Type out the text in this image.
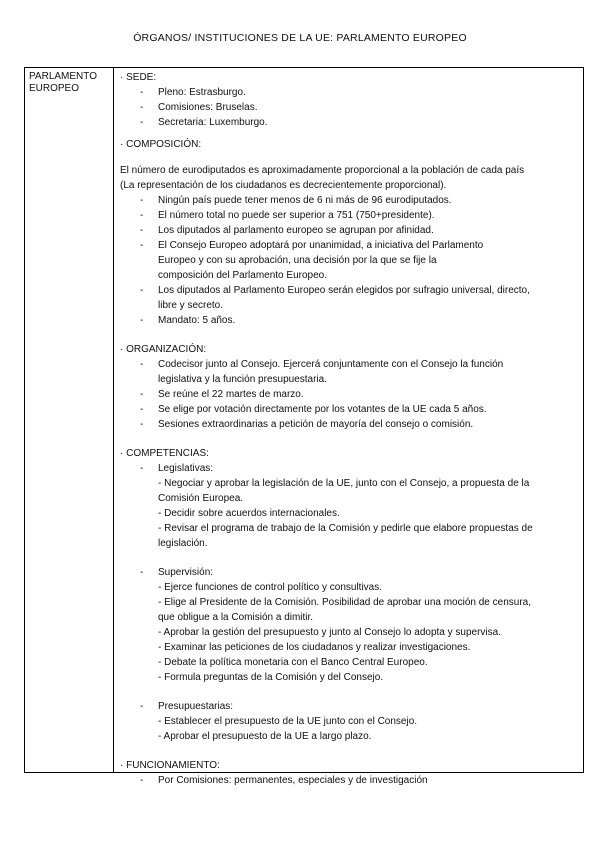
ÓRGANOS/ INSTITUCIONES DE LA UE: PARLAMENTO EUROPEO
PARLAMENTO
EUROPEO
· SEDE:
- Pleno: Estrasburgo.
- Comisiones: Bruselas.
- Secretaria: Luxemburgo.
· COMPOSICIÓN:
El número de eurodiputados es aproximadamente proporcional a la población de cada país
(La representación de los ciudadanos es decrecientemente proporcional).
- Ningún país puede tener menos de 6 ni más de 96 eurodiputados.
- El número total no puede ser superior a 751 (750+presidente).
- Los diputados al parlamento europeo se agrupan por afinidad.
- El Consejo Europeo adoptará por unanimidad, a iniciativa del Parlamento
Europeo y con su aprobación, una decisión por la que se fije la
composición del Parlamento Europeo.
- Los diputados al Parlamento Europeo serán elegidos por sufragio universal, directo,
libre y secreto.
- Mandato: 5 años.
· ORGANIZACIÓN:
- Codecisor junto al Consejo. Ejercerá conjuntamente con el Consejo la función
legislativa y la función presupuestaria.
- Se reúne el 22 martes de marzo.
- Se elige por votación directamente por los votantes de la UE cada 5 años.
- Sesiones extraordinarias a petición de mayoría del consejo o comisión.
· COMPETENCIAS:
- Legislativas:
- Negociar y aprobar la legislación de la UE, junto con el Consejo, a propuesta de la
Comisión Europea.
- Decidir sobre acuerdos internacionales.
- Revisar el programa de trabajo de la Comisión y pedirle que elabore propuestas de
legislación.
- Supervisión:
- Ejerce funciones de control político y consultivas.
- Elige al Presidente de la Comisión. Posibilidad de aprobar una moción de censura,
que obligue a la Comisión a dimitir.
- Aprobar la gestión del presupuesto y junto al Consejo lo adopta y supervisa.
- Examinar las peticiones de los ciudadanos y realizar investigaciones.
- Debate la política monetaria con el Banco Central Europeo.
- Formula preguntas de la Comisión y del Consejo.
- Presupuestarias:
- Establecer el presupuesto de la UE junto con el Consejo.
- Aprobar el presupuesto de la UE a largo plazo.
· FUNCIONAMIENTO:
- Por Comisiones: permanentes, especiales y de investigación
